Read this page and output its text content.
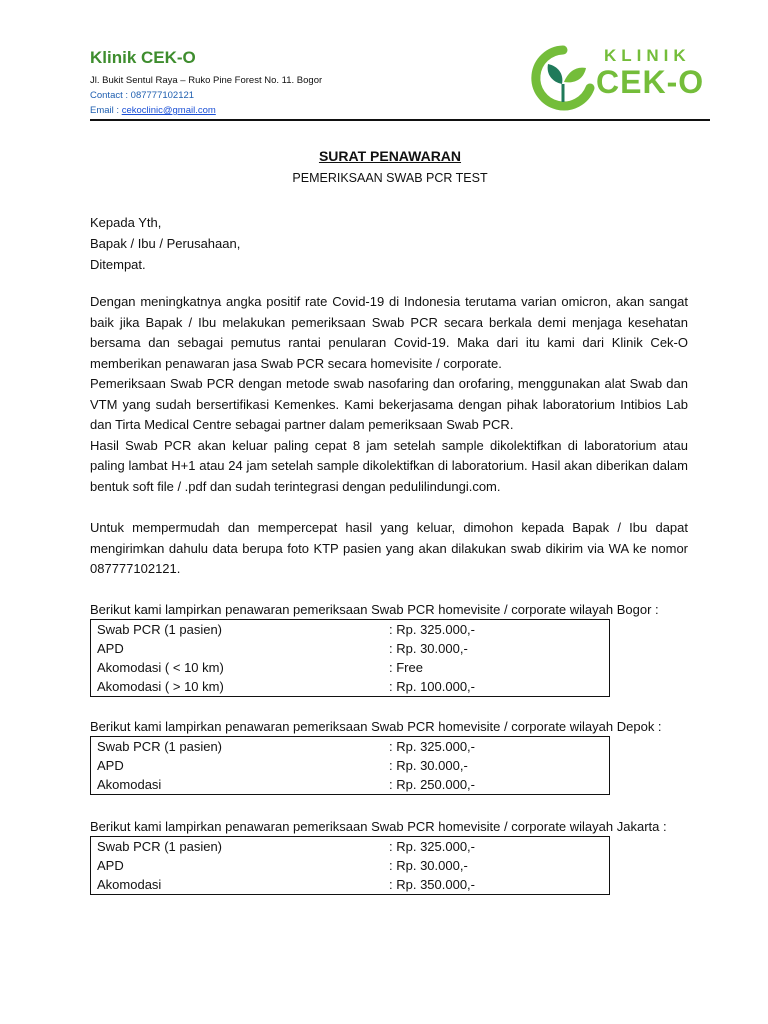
Klinik CEK-O
Jl. Bukit Sentul Raya – Ruko Pine Forest No. 11. Bogor
Contact : 087777102121
Email : cekoclinic@gmail.com
KLINIK
CEK-O
SURAT PENAWARAN
PEMERIKSAAN SWAB PCR TEST
Kepada Yth,
Bapak / Ibu / Perusahaan,
Ditempat.
Dengan meningkatnya angka positif rate Covid-19 di Indonesia terutama varian omicron, akan sangat baik jika Bapak / Ibu melakukan pemeriksaan Swab PCR secara berkala demi menjaga kesehatan bersama dan sebagai pemutus rantai penularan Covid-19. Maka dari itu kami dari Klinik Cek-O memberikan penawaran jasa Swab PCR secara homevisite / corporate.
Pemeriksaan Swab PCR dengan metode swab nasofaring dan orofaring, menggunakan alat Swab dan VTM yang sudah bersertifikasi Kemenkes. Kami bekerjasama dengan pihak laboratorium Intibios Lab dan Tirta Medical Centre sebagai partner dalam pemeriksaan Swab PCR.
Hasil Swab PCR akan keluar paling cepat 8 jam setelah sample dikolektifkan di laboratorium atau paling lambat H+1 atau 24 jam setelah sample dikolektifkan di laboratorium. Hasil akan diberikan dalam bentuk soft file / .pdf dan sudah terintegrasi dengan pedulilindungi.com.
Untuk mempermudah dan mempercepat hasil yang keluar, dimohon kepada Bapak / Ibu dapat mengirimkan dahulu data berupa foto KTP pasien yang akan dilakukan swab dikirim via WA ke nomor 087777102121.
Berikut kami lampirkan penawaran pemeriksaan Swab PCR homevisite / corporate wilayah Bogor :
Swab PCR (1 pasien)	: Rp. 325.000,-
APD	: Rp. 30.000,-
Akomodasi ( < 10 km)	: Free
Akomodasi ( > 10 km)	: Rp. 100.000,-
Berikut kami lampirkan penawaran pemeriksaan Swab PCR homevisite / corporate wilayah Depok :
Swab PCR (1 pasien)	: Rp. 325.000,-
APD	: Rp. 30.000,-
Akomodasi	: Rp. 250.000,-
Berikut kami lampirkan penawaran pemeriksaan Swab PCR homevisite / corporate wilayah Jakarta :
Swab PCR (1 pasien)	: Rp. 325.000,-
APD	: Rp. 30.000,-
Akomodasi	: Rp. 350.000,-
